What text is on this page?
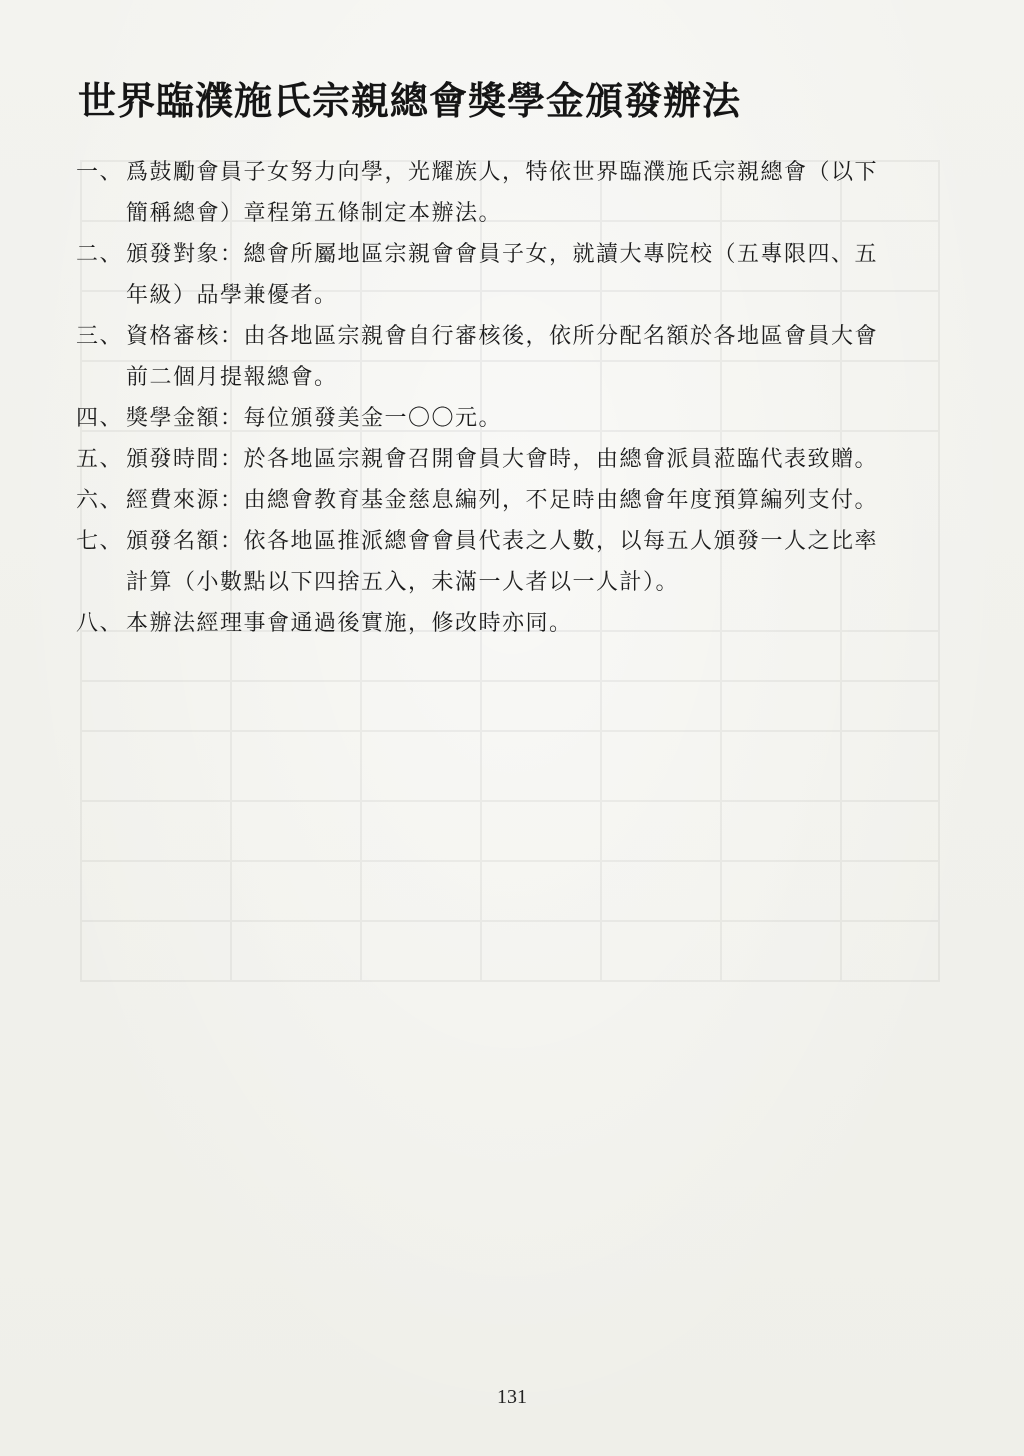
世界臨濮施氏宗親總會獎學金頒發辦法
一、 爲鼓勵會員子女努力向學，光耀族人，特依世界臨濮施氏宗親總會（以下
簡稱總會）章程第五條制定本辦法。
二、 頒發對象：總會所屬地區宗親會會員子女，就讀大專院校（五專限四、五
年級）品學兼優者。
三、 資格審核：由各地區宗親會自行審核後，依所分配名額於各地區會員大會
前二個月提報總會。
四、 獎學金額：每位頒發美金一〇〇元。
五、 頒發時間：於各地區宗親會召開會員大會時，由總會派員蒞臨代表致贈。
六、 經費來源：由總會教育基金慈息編列，不足時由總會年度預算編列支付。
七、 頒發名額：依各地區推派總會會員代表之人數，以每五人頒發一人之比率
計算（小數點以下四捨五入，未滿一人者以一人計）。
八、 本辦法經理事會通過後實施，修改時亦同。
131
